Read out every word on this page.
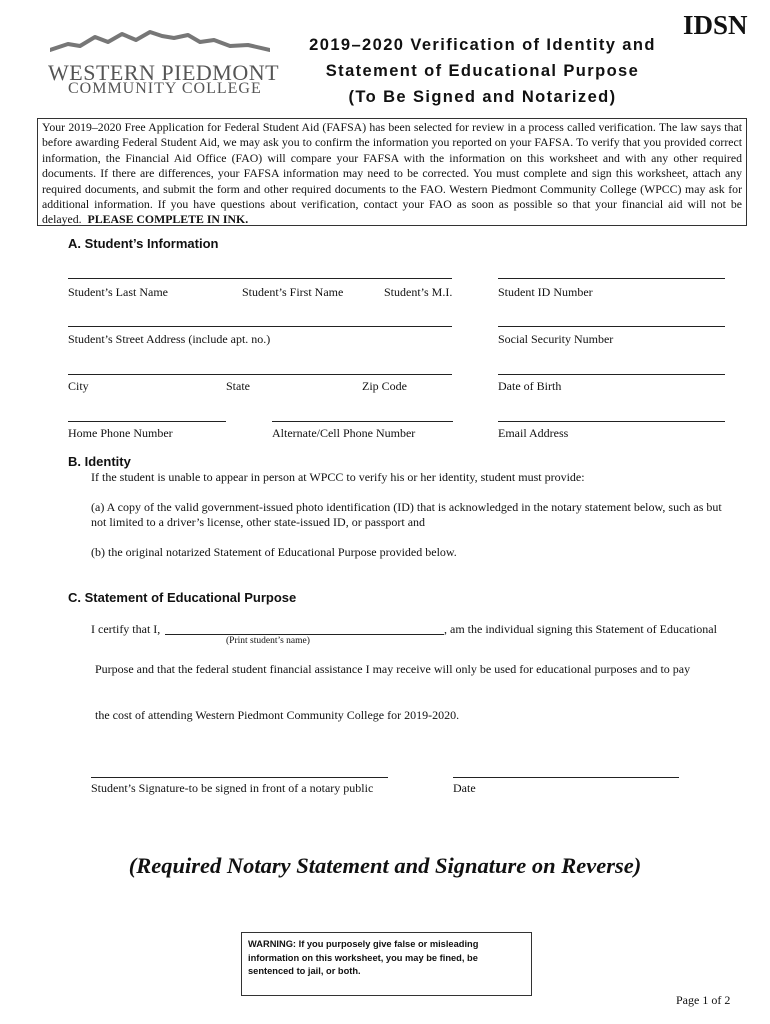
WESTERN PIEDMONT
COMMUNITY COLLEGE
2019–2020 Verification of Identity and
Statement of Educational Purpose
(To Be Signed and Notarized)
IDSN
Your 2019–2020 Free Application for Federal Student Aid (FAFSA) has been selected for review in a process called verification. The law says that before awarding Federal Student Aid, we may ask you to confirm the information you reported on your FAFSA. To verify that you provided correct information, the Financial Aid Office (FAO) will compare your FAFSA with the information on this worksheet and with any other required documents. If there are differences, your FAFSA information may need to be corrected. You must complete and sign this worksheet, attach any required documents, and submit the form and other required documents to the FAO. Western Piedmont Community College (WPCC) may ask for additional information. If you have questions about verification, contact your FAO as soon as possible so that your financial aid will not be delayed. PLEASE COMPLETE IN INK.
A. Student’s Information
Student’s Last Name	Student’s First Name	Student’s M.I.	Student ID Number
Student’s Street Address (include apt. no.)	Social Security Number
City	State	Zip Code	Date of Birth
Home Phone Number	Alternate/Cell Phone Number	Email Address
B. Identity
If the student is unable to appear in person at WPCC to verify his or her identity, student must provide:
(a) A copy of the valid government-issued photo identification (ID) that is acknowledged in the notary statement below, such as but not limited to a driver’s license, other state-issued ID, or passport and
(b) the original notarized Statement of Educational Purpose provided below.
C. Statement of Educational Purpose
I certify that I,	, am the individual signing this Statement of Educational
(Print student’s name)
Purpose and that the federal student financial assistance I may receive will only be used for educational purposes and to pay
the cost of attending Western Piedmont Community College for 2019-2020.
Student’s Signature-to be signed in front of a notary public	Date
(Required Notary Statement and Signature on Reverse)
WARNING: If you purposely give false or misleading information on this worksheet, you may be fined, be sentenced to jail, or both.
Page 1 of 2
